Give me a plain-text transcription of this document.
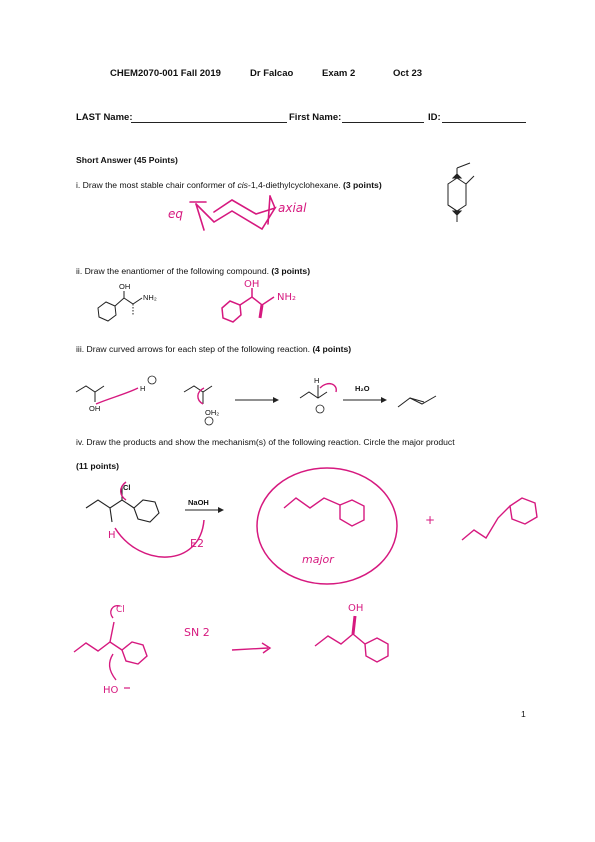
CHEM2070-001 Fall 2019	Dr Falcao	Exam 2	Oct 23
LAST Name:	First Name:	ID:
Short Answer (45 Points)
i. Draw the most stable chair conformer of cis-1,4-diethylcyclohexane. (3 points)
ii. Draw the enantiomer of the following compound. (3 points)
iii. Draw curved arrows for each step of the following reaction. (4 points)
iv. Draw the products and show the mechanism(s) of the following reaction. Circle the major product
(11 points)
1
eq	axial
OH
NH₂
OH
NH₂
OH
H
OH₂
H
H₂O
Cl
NaOH
H
E2
major
+
Cl
HO
SN 2
OH
